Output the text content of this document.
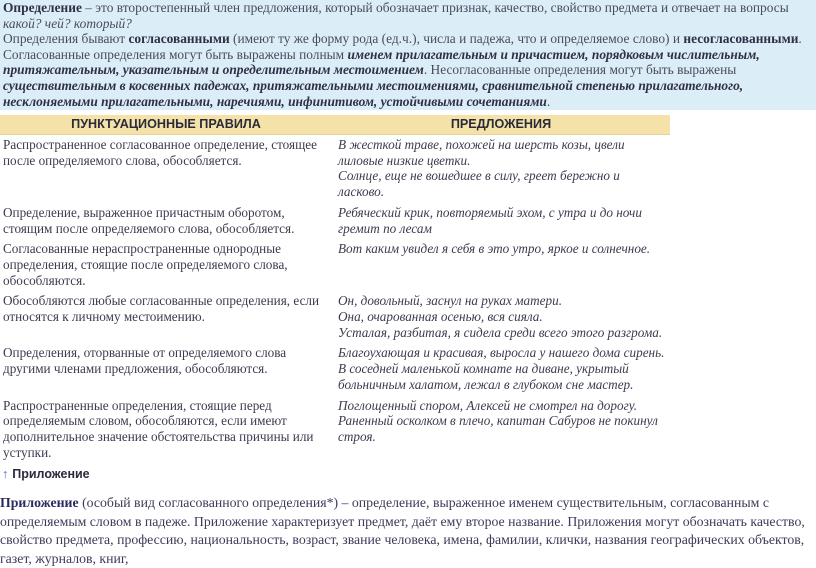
Определение – это второстепенный член предложения, который обозначает признак, качество, свойство предмета и отвечает на вопросы какой? чей? который?
Определения бывают согласованными (имеют ту же форму рода (ед.ч.), числа и падежа, что и определяемое слово) и несогласованными.
Согласованные определения могут быть выражены полным именем прилагательным и причастием, порядковым числительным, притяжательным, указательным и определительным местоимением. Несогласованные определения могут быть выражены существительным в косвенных падежах, притяжательными местоимениями, сравнительной степенью прилагательного, несклоняемыми прилагательными, наречиями, инфинитивом, устойчивыми сочетаниями.
ПУНКТУАЦИОННЫЕ ПРАВИЛА	ПРЕДЛОЖЕНИЯ
Распространенное согласованное определение, стоящее после определяемого слова, обособляется.	В жесткой траве, похожей на шерсть козы, цвели лиловые низкие цветки.
Солнце, еще не вошедшее в силу, греет бережно и ласково.

Определение, выраженное причастным оборотом, стоящим после определяемого слова, обособляется.	Ребяческий крик, повторяемый эхом, с утра и до ночи гремит по лесам

Согласованные нераспространенные однородные определения, стоящие после определяемого слова, обособляются.	Вот каким увидел я себя в это утро, яркое и солнечное.

Обособляются любые согласованные определения, если относятся к личному местоимению.	Он, довольный, заснул на руках матери.
Она, очарованная осенью, вся сияла.
Усталая, разбитая, я сидела среди всего этого разгрома.

Определения, оторванные от определяемого слова другими членами предложения, обособляются.	Благоухающая и красивая, выросла у нашего дома сирень.
В соседней маленькой комнате на диване, укрытый больничным халатом, лежал в глубоком сне мастер.

Распространенные определения, стоящие перед определяемым словом, обособляются, если имеют дополнительное значение обстоятельства причины или уступки.	Поглощенный спором, Алексей не смотрел на дорогу.
Раненный осколком в плечо, капитан Сабуров не покинул строя.
↑ Приложение
Приложение (особый вид согласованного определения*) – определение, выраженное именем существительным, согласованным с определяемым словом в падеже. Приложение характеризует предмет, даёт ему второе название. Приложения могут обозначать качество, свойство предмета, профессию, национальность, возраст, звание человека, имена, фамилии, клички, названия географических объектов, газет, журналов, книг,
